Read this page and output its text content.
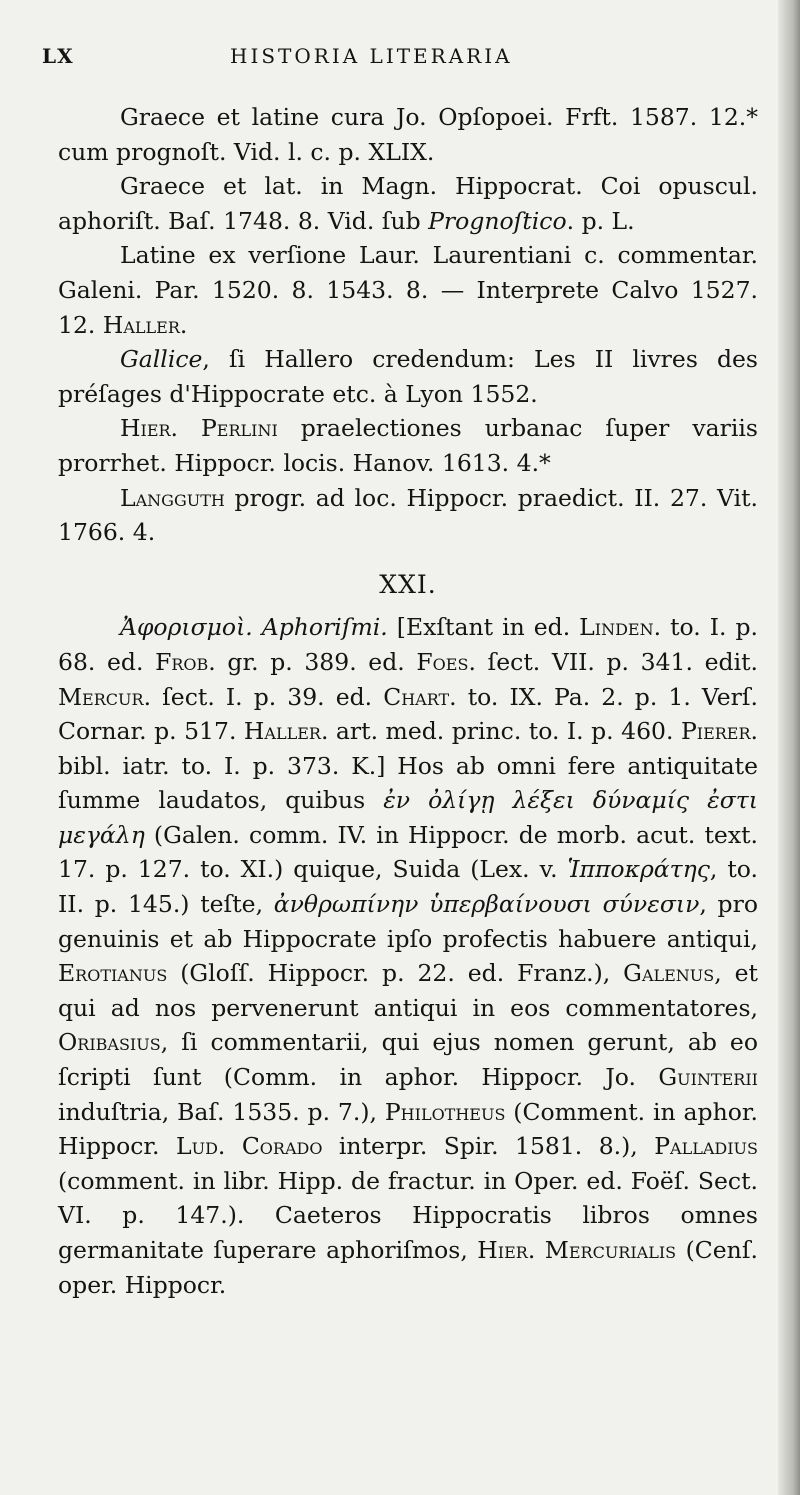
LX	HISTORIA LITERARIA

Graece et latine cura Jo. Opſopoei. Frft. 1587. 12.* cum prognoſt. Vid. l. c. p. XLIX.

Graece et lat. in Magn. Hippocrat. Coi opuscul. aphoriſt. Baſ. 1748. 8. Vid. ſub Prognoſtico. p. L.

Latine ex verſione Laur. Laurentiani c. commentar. Galeni. Par. 1520. 8. 1543. 8. — Interprete Calvo 1527. 12. Haller.

Gallice, ſi Hallero credendum: Les II livres des préſages d'Hippocrate etc. à Lyon 1552.

Hier. Perlini praelectiones urbanac ſuper variis prorrhet. Hippocr. locis. Hanov. 1613. 4.*

Langguth progr. ad loc. Hippocr. praedict. II. 27. Vit. 1766. 4.

XXI.

Ἀφορισμοὶ. Aphoriſmi. [Exſtant in ed. Linden. to. I. p. 68. ed. Frob. gr. p. 389. ed. Foes. ſect. VII. p. 341. edit. Mercur. ſect. I. p. 39. ed. Chart. to. IX. Pa. 2. p. 1. Verſ. Cornar. p. 517. Haller. art. med. princ. to. I. p. 460. Pierer. bibl. iatr. to. I. p. 373. K.] Hos ab omni fere antiquitate ſumme laudatos, quibus ἐν ὀλίγῃ λέξει δύναμίς ἐστι μεγάλη (Galen. comm. IV. in Hippocr. de morb. acut. text. 17. p. 127. to. XI.) quique, Suida (Lex. v. Ἱπποκράτης, to. II. p. 145.) teſte, ἀνθρωπίνην ὑπερβαίνουσι σύνεσιν, pro genuinis et ab Hippocrate ipſo profectis habuere antiqui, Erotianus (Gloſſ. Hippocr. p. 22. ed. Franz.), Galenus, et qui ad nos pervenerunt antiqui in eos commentatores, Oribasius, ſi commentarii, qui ejus nomen gerunt, ab eo ſcripti ſunt (Comm. in aphor. Hippocr. Jo. Guinterii induſtria, Baſ. 1535. p. 7.), Philotheus (Comment. in aphor. Hippocr. Lud. Corado interpr. Spir. 1581. 8.), Palladius (comment. in libr. Hipp. de fractur. in Oper. ed. Foëſ. Sect. VI. p. 147.). Caeteros Hippocratis libros omnes germanitate ſuperare aphoriſmos, Hier. Mercurialis (Cenſ. oper. Hippocr.
